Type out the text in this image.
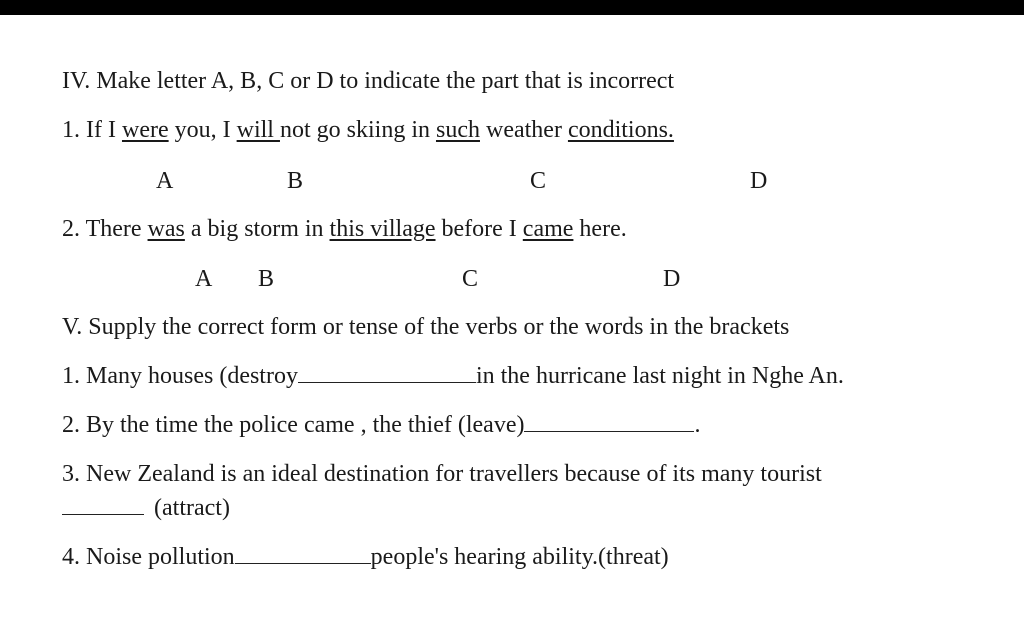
IV. Make letter A, B, C or D to indicate the part that is incorrect
1. If I were you, I will not go skiing in such weather conditions.
A	B	C	D
2. There was a big storm in this village before I came here.
A B	C	D
V. Supply the correct form or tense of the verbs or the words in the brackets
1. Many houses (destroy	in the hurricane last night in Nghe An.
2. By the time the police came , the thief (leave)	.
3. New Zealand is an ideal destination for travellers because of its many tourist
(attract)
4. Noise pollution	people's hearing ability.(threat)
